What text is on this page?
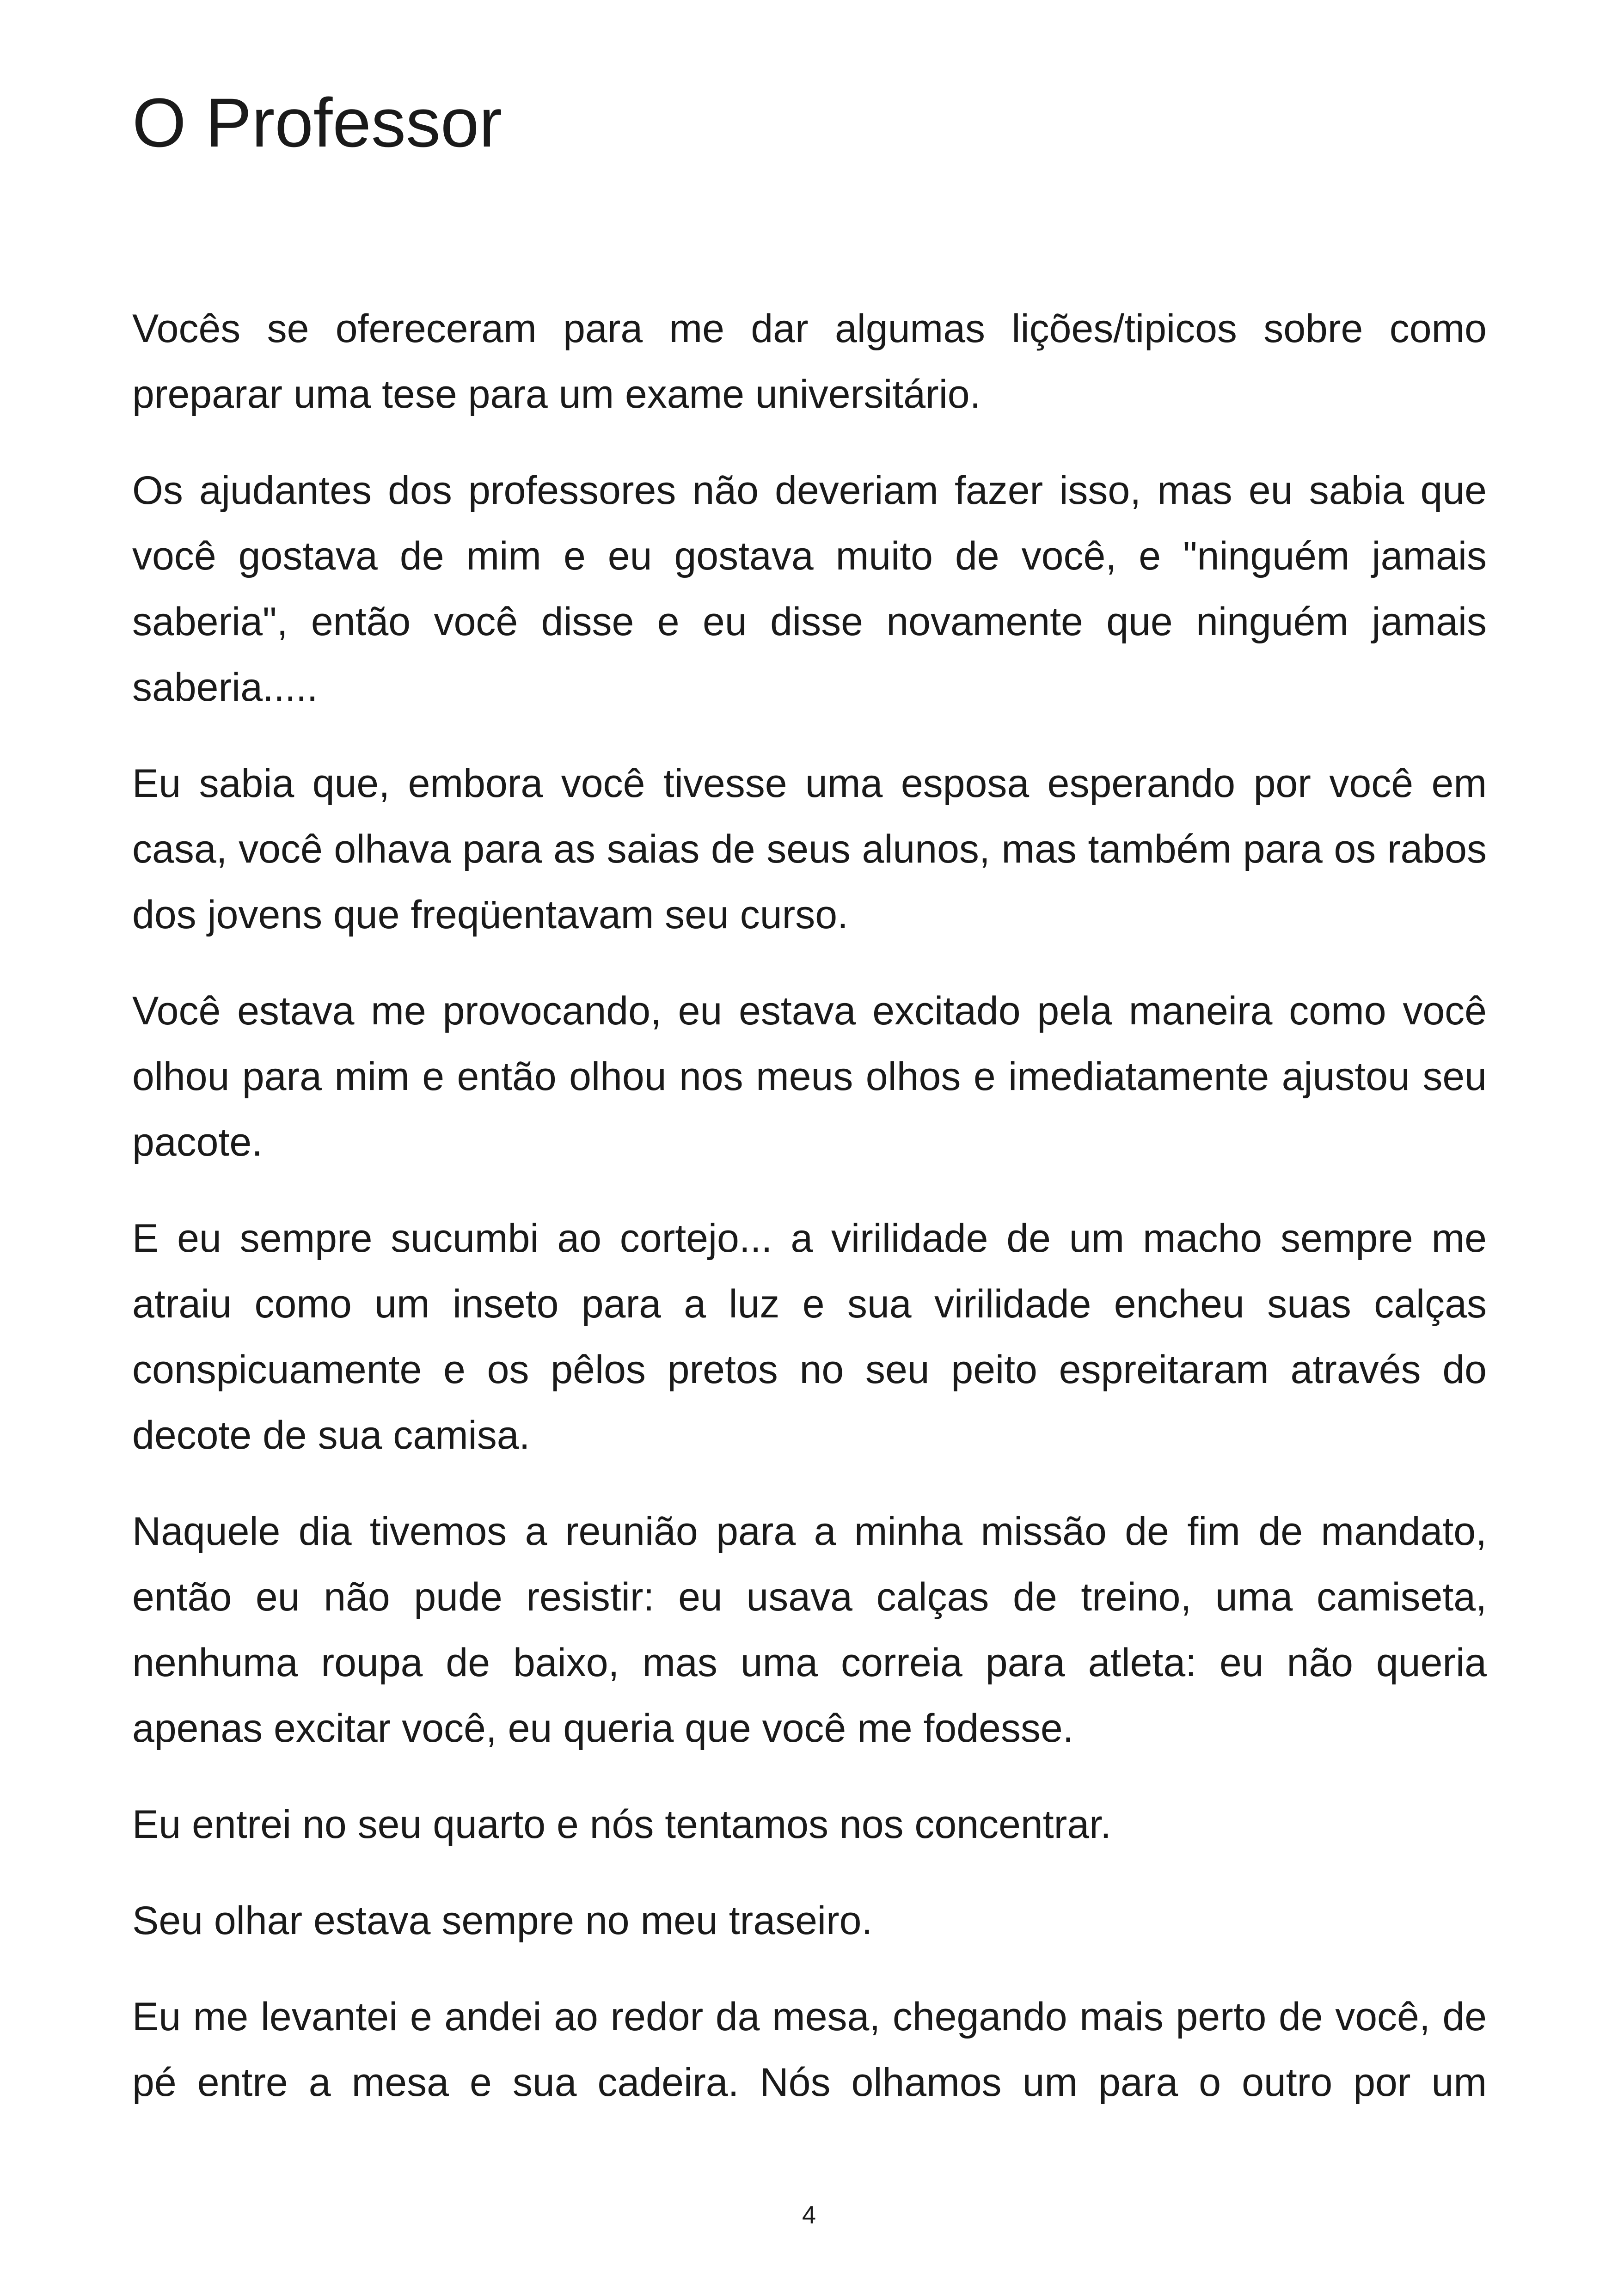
O Professor

Vocês se ofereceram para me dar algumas lições/tipicos sobre como preparar uma tese para um exame universitário.

Os ajudantes dos professores não deveriam fazer isso, mas eu sabia que você gostava de mim e eu gostava muito de você, e "ninguém jamais saberia", então você disse e eu disse novamente que ninguém jamais saberia.....

Eu sabia que, embora você tivesse uma esposa esperando por você em casa, você olhava para as saias de seus alunos, mas também para os rabos dos jovens que freqüentavam seu curso.

Você estava me provocando, eu estava excitado pela maneira como você olhou para mim e então olhou nos meus olhos e imediatamente ajustou seu pacote.

E eu sempre sucumbi ao cortejo... a virilidade de um macho sempre me atraiu como um inseto para a luz e sua virilidade encheu suas calças conspicuamente e os pêlos pretos no seu peito espreitaram através do decote de sua camisa.

Naquele dia tivemos a reunião para a minha missão de fim de mandato, então eu não pude resistir: eu usava calças de treino, uma camiseta, nenhuma roupa de baixo, mas uma correia para atleta: eu não queria apenas excitar você, eu queria que você me fodesse.

Eu entrei no seu quarto e nós tentamos nos concentrar.

Seu olhar estava sempre no meu traseiro.

Eu me levantei e andei ao redor da mesa, chegando mais perto de você, de pé entre a mesa e sua cadeira. Nós olhamos um para o outro por um

4
